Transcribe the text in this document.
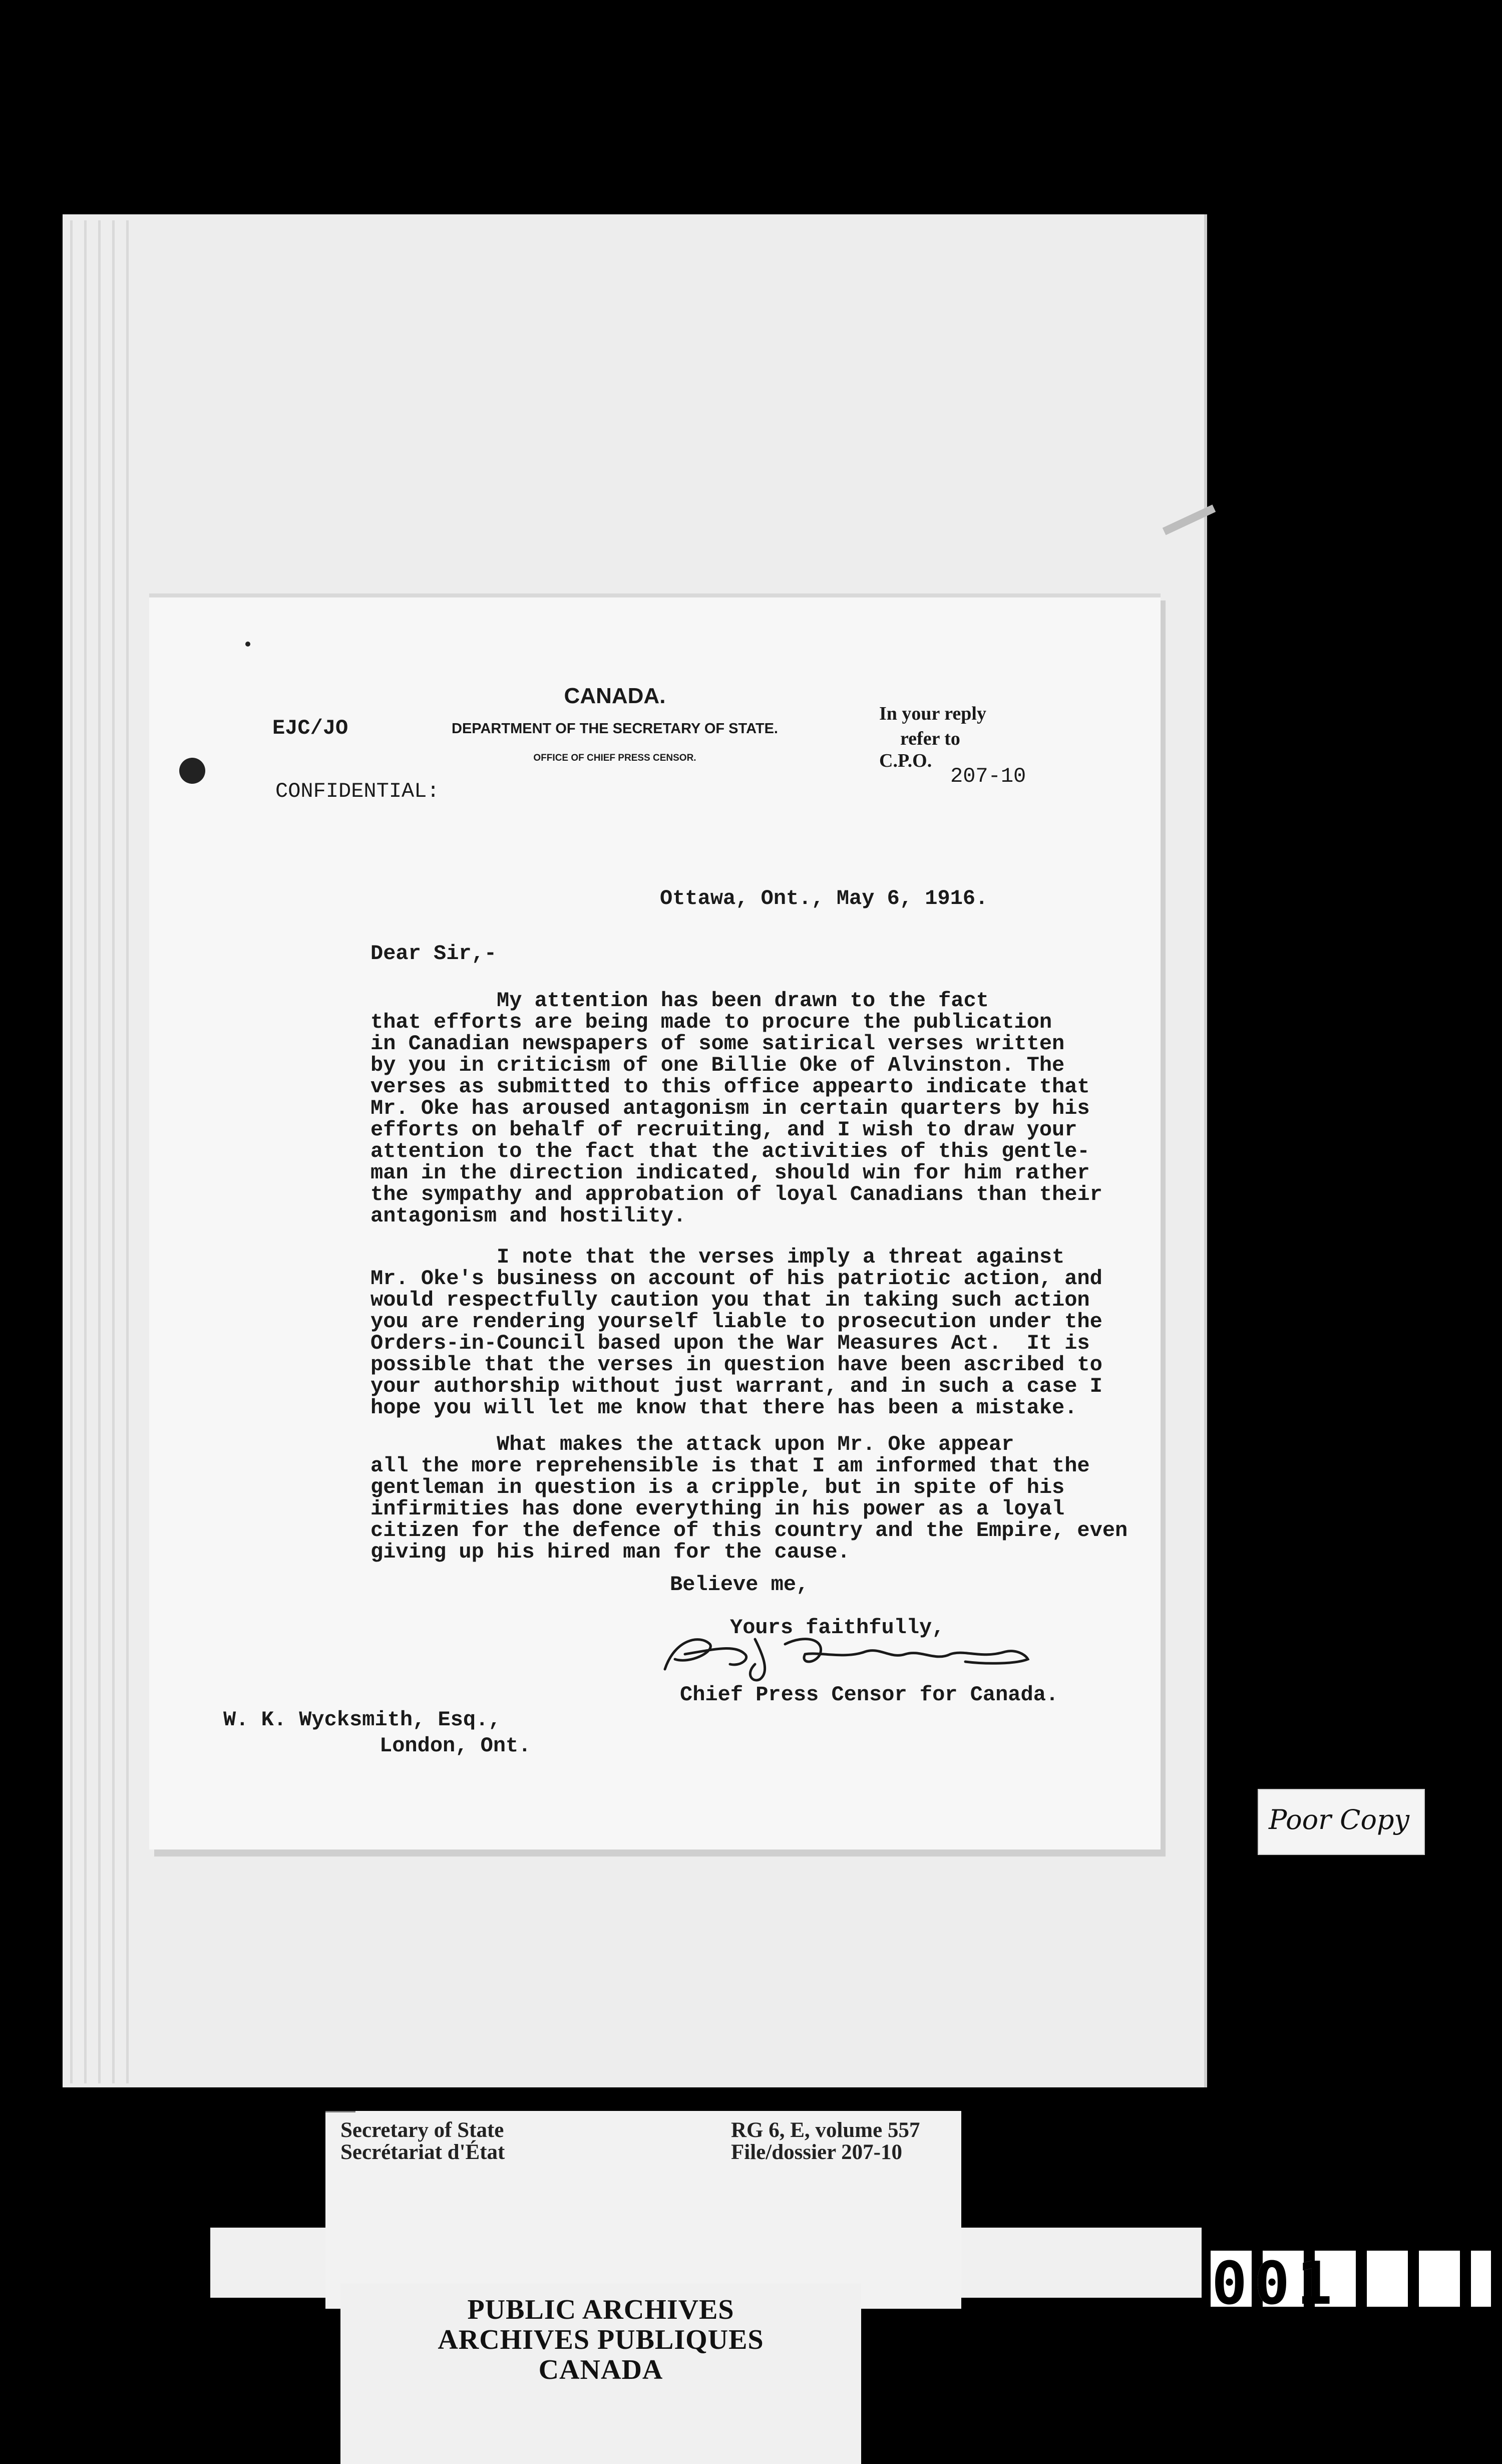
EJC/JO
CONFIDENTIAL:
CANADA.
DEPARTMENT OF THE SECRETARY OF STATE.
OFFICE OF CHIEF PRESS CENSOR.
In your reply
refer to
C.P.O.
207-10
Ottawa, Ont., May 6, 1916.
Dear Sir,-
My attention has been drawn to the fact
that efforts are being made to procure the publication
in Canadian newspapers of some satirical verses written
by you in criticism of one Billie Oke of Alvinston. The
verses as submitted to this office appearto indicate that
Mr. Oke has aroused antagonism in certain quarters by his
efforts on behalf of recruiting, and I wish to draw your
attention to the fact that the activities of this gentle-
man in the direction indicated, should win for him rather
the sympathy and approbation of loyal Canadians than their
antagonism and hostility.
I note that the verses imply a threat against
Mr. Oke's business on account of his patriotic action, and
would respectfully caution you that in taking such action
you are rendering yourself liable to prosecution under the
Orders-in-Council based upon the War Measures Act.  It is
possible that the verses in question have been ascribed to
your authorship without just warrant, and in such a case I
hope you will let me know that there has been a mistake.
What makes the attack upon Mr. Oke appear
all the more reprehensible is that I am informed that the
gentleman in question is a cripple, but in spite of his
infirmities has done everything in his power as a loyal
citizen for the defence of this country and the Empire, even
giving up his hired man for the cause.
Believe me,
Yours faithfully,
Chief Press Censor for Canada.
W. K. Wycksmith, Esq.,
London, Ont.
Poor Copy
Secretary of State
Secrétariat d'État
RG 6, E, volume 557
File/dossier 207-10
PUBLIC ARCHIVES
ARCHIVES PUBLIQUES
CANADA
001
